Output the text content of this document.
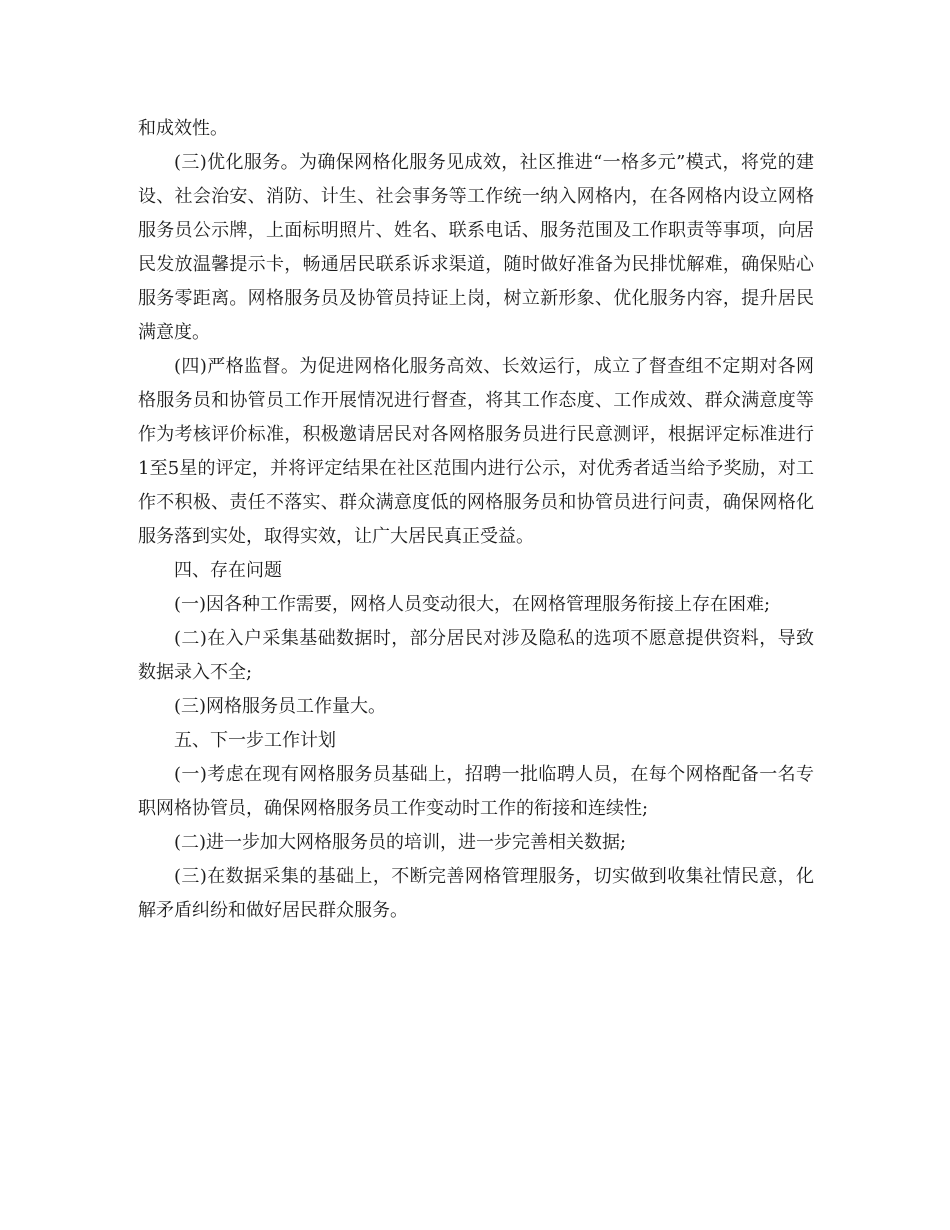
和成效性。

(三)优化服务。为确保网格化服务见成效，社区推进“一格多元”模式，将党的建设、社会治安、消防、计生、社会事务等工作统一纳入网格内，在各网格内设立网格服务员公示牌，上面标明照片、姓名、联系电话、服务范围及工作职责等事项，向居民发放温馨提示卡，畅通居民联系诉求渠道，随时做好准备为民排忧解难，确保贴心服务零距离。网格服务员及协管员持证上岗，树立新形象、优化服务内容，提升居民满意度。

(四)严格监督。为促进网格化服务高效、长效运行，成立了督查组不定期对各网格服务员和协管员工作开展情况进行督查，将其工作态度、工作成效、群众满意度等作为考核评价标准，积极邀请居民对各网格服务员进行民意测评，根据评定标准进行1至5星的评定，并将评定结果在社区范围内进行公示，对优秀者适当给予奖励，对工作不积极、责任不落实、群众满意度低的网格服务员和协管员进行问责，确保网格化服务落到实处，取得实效，让广大居民真正受益。

四、存在问题

(一)因各种工作需要，网格人员变动很大，在网格管理服务衔接上存在困难;

(二)在入户采集基础数据时，部分居民对涉及隐私的选项不愿意提供资料，导致数据录入不全;

(三)网格服务员工作量大。

五、下一步工作计划

(一)考虑在现有网格服务员基础上，招聘一批临聘人员，在每个网格配备一名专职网格协管员，确保网格服务员工作变动时工作的衔接和连续性;

(二)进一步加大网格服务员的培训，进一步完善相关数据;

(三)在数据采集的基础上，不断完善网格管理服务，切实做到收集社情民意，化解矛盾纠纷和做好居民群众服务。
